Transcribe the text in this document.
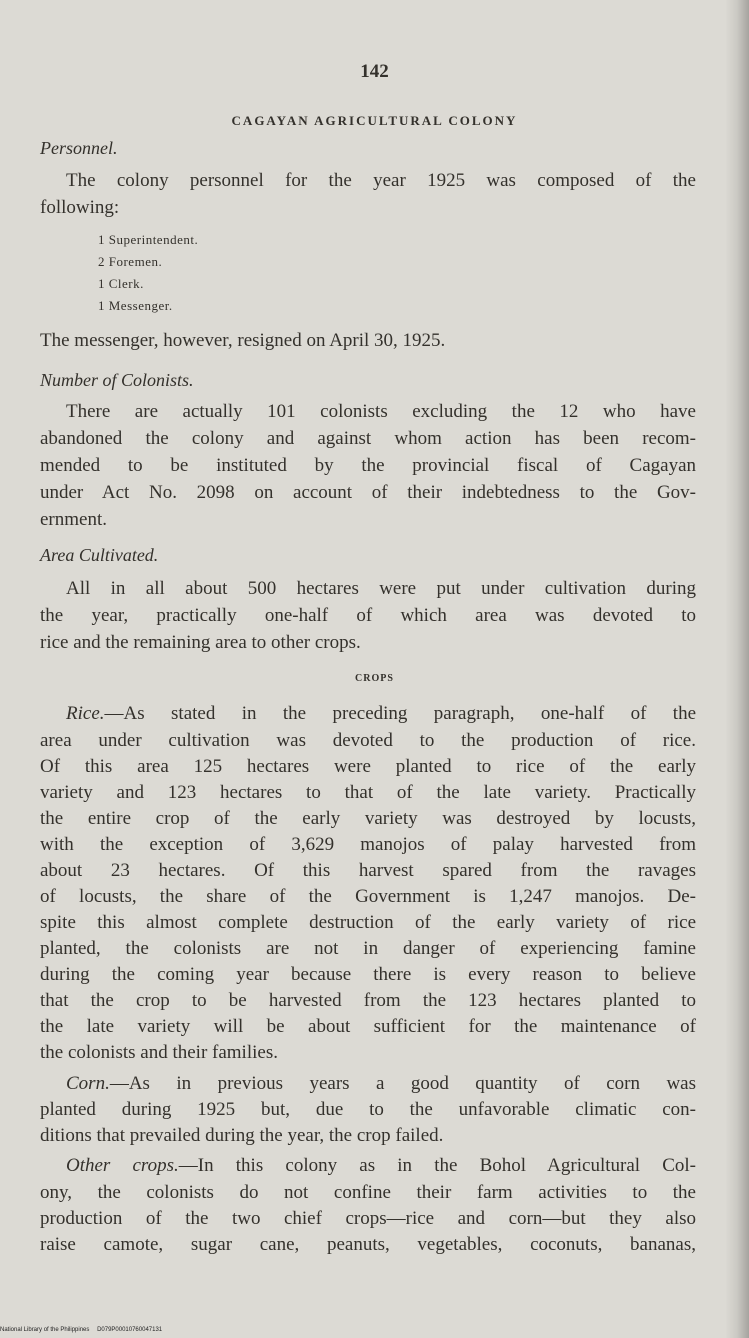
142
CAGAYAN AGRICULTURAL COLONY
Personnel.
The colony personnel for the year 1925 was composed of the
following:
1 Superintendent.
2 Foremen.
1 Clerk.
1 Messenger.
The messenger, however, resigned on April 30, 1925.
Number of Colonists.
There are actually 101 colonists excluding the 12 who have
abandoned the colony and against whom action has been recom-
mended to be instituted by the provincial fiscal of Cagayan
under Act No. 2098 on account of their indebtedness to the Gov-
ernment.
Area Cultivated.
All in all about 500 hectares were put under cultivation during
the year, practically one-half of which area was devoted to
rice and the remaining area to other crops.
CROPS
Rice.—As stated in the preceding paragraph, one-half of the
area under cultivation was devoted to the production of rice.
Of this area 125 hectares were planted to rice of the early
variety and 123 hectares to that of the late variety. Practically
the entire crop of the early variety was destroyed by locusts,
with the exception of 3,629 manojos of palay harvested from
about 23 hectares. Of this harvest spared from the ravages
of locusts, the share of the Government is 1,247 manojos. De-
spite this almost complete destruction of the early variety of rice
planted, the colonists are not in danger of experiencing famine
during the coming year because there is every reason to believe
that the crop to be harvested from the 123 hectares planted to
the late variety will be about sufficient for the maintenance of
the colonists and their families.
Corn.—As in previous years a good quantity of corn was
planted during 1925 but, due to the unfavorable climatic con-
ditions that prevailed during the year, the crop failed.
Other crops.—In this colony as in the Bohol Agricultural Col-
ony, the colonists do not confine their farm activities to the
production of the two chief crops—rice and corn—but they also
raise camote, sugar cane, peanuts, vegetables, coconuts, bananas,
National Library of the Philippines D079P00010760047131
